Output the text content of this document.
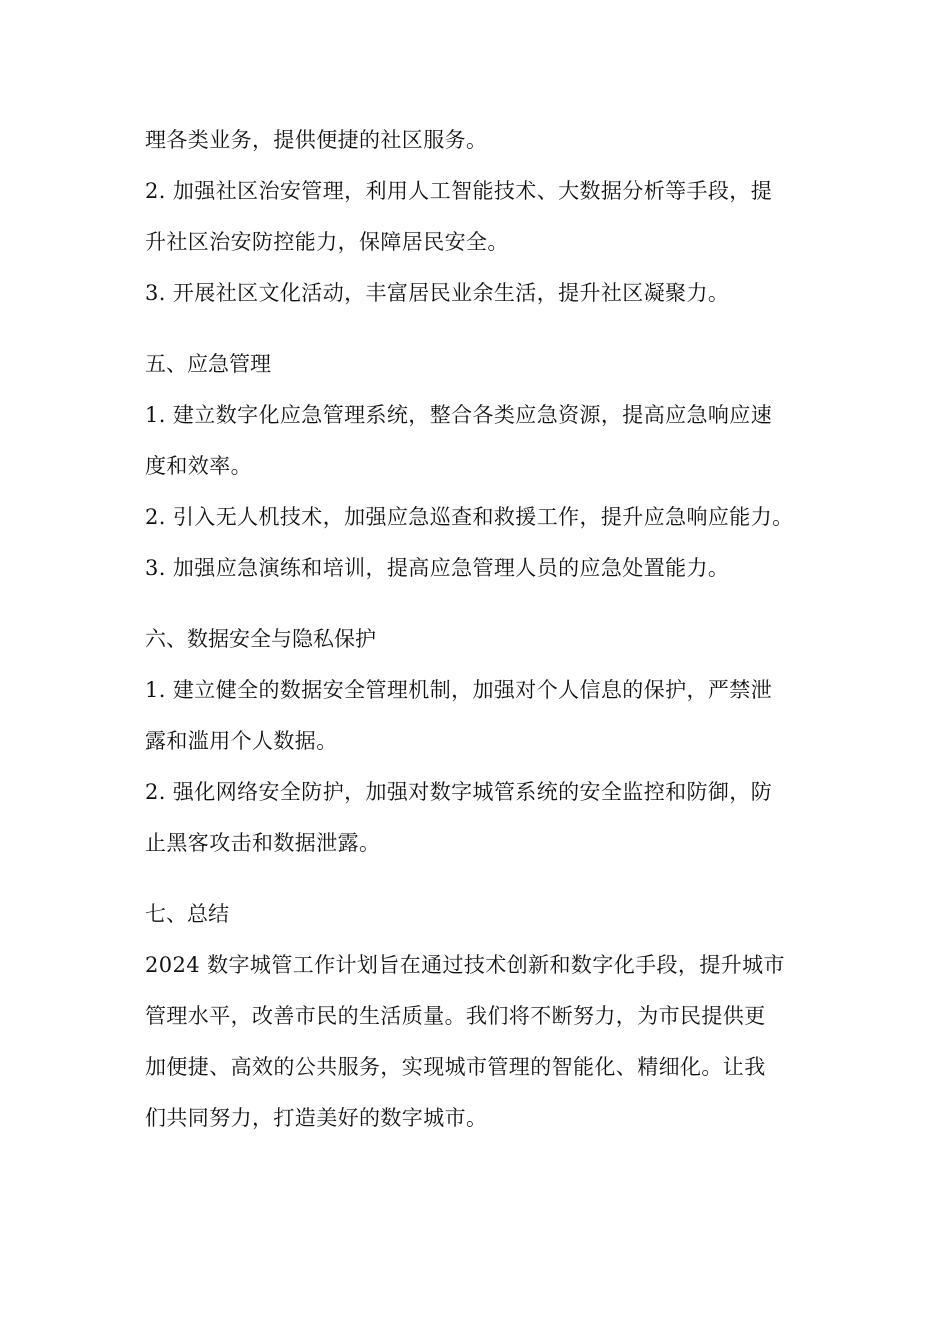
理各类业务，提供便捷的社区服务。
2. 加强社区治安管理，利用人工智能技术、大数据分析等手段，提
升社区治安防控能力，保障居民安全。
3. 开展社区文化活动，丰富居民业余生活，提升社区凝聚力。
五、应急管理
1. 建立数字化应急管理系统，整合各类应急资源，提高应急响应速
度和效率。
2. 引入无人机技术，加强应急巡查和救援工作，提升应急响应能力。
3. 加强应急演练和培训，提高应急管理人员的应急处置能力。
六、数据安全与隐私保护
1. 建立健全的数据安全管理机制，加强对个人信息的保护，严禁泄
露和滥用个人数据。
2. 强化网络安全防护，加强对数字城管系统的安全监控和防御，防
止黑客攻击和数据泄露。
七、总结
2024 数字城管工作计划旨在通过技术创新和数字化手段，提升城市
管理水平，改善市民的生活质量。我们将不断努力，为市民提供更
加便捷、高效的公共服务，实现城市管理的智能化、精细化。让我
们共同努力，打造美好的数字城市。
